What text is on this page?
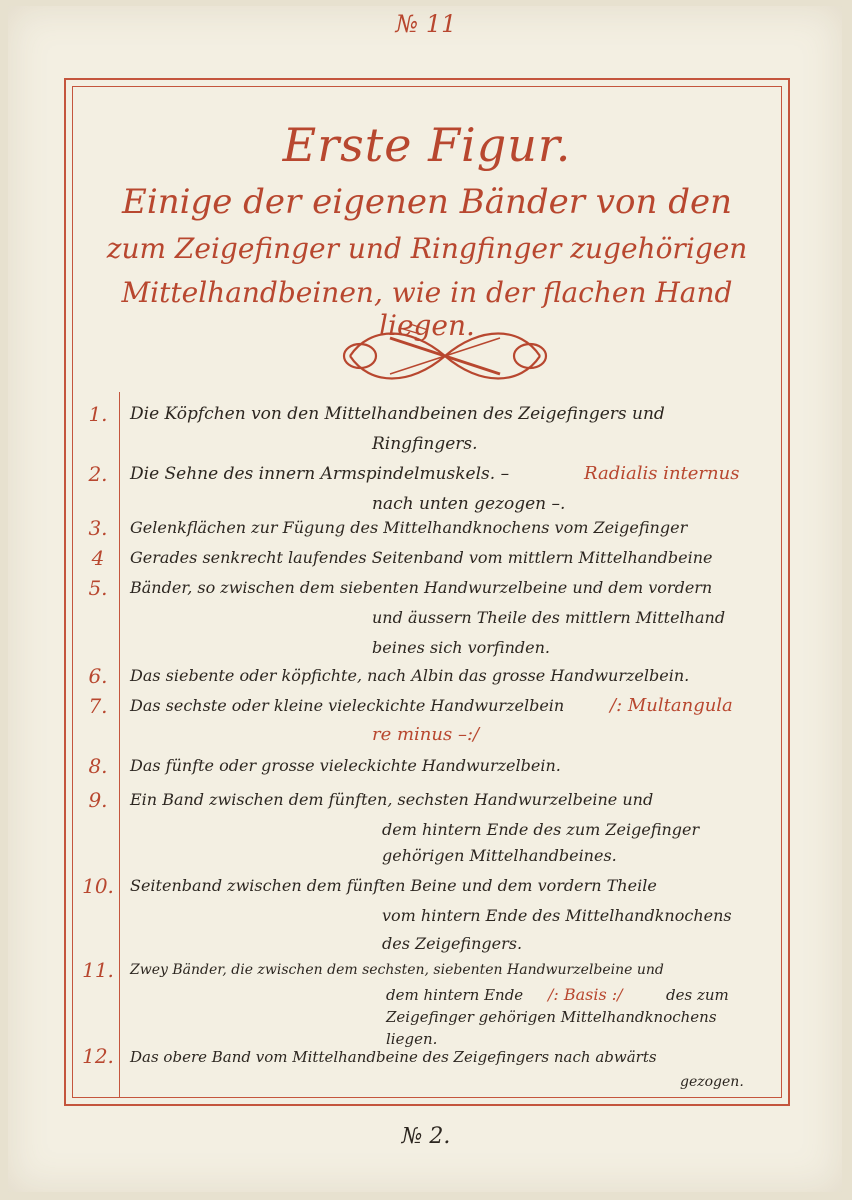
№ 11
Erste Figur.
Einige der eigenen Bänder von den
zum Zeigefinger und Ringfinger zugehörigen
Mittelhandbeinen, wie in der flachen Hand liegen.
1.	Die Köpfchen von den Mittelhandbeinen des Zeigefingers und
Ringfingers.
2.	Die Sehne des innern Armspindelmuskels. –	Radialis internus
nach unten gezogen –.
3.	Gelenkflächen zur Fügung des Mittelhandknochens vom Zeigefinger
4	Gerades senkrecht laufendes Seitenband vom mittlern Mittelhandbeine
5.	Bänder, so zwischen dem siebenten Handwurzelbeine und dem vordern
und äussern Theile des mittlern Mittelhand
beines sich vorfinden.
6.	Das siebente oder köpfichte, nach Albin das grosse Handwurzelbein.
7.	Das sechste oder kleine vieleckichte Handwurzelbein	/: Multangula
re minus –:/
8.	Das fünfte oder grosse vieleckichte Handwurzelbein.
9.	Ein Band zwischen dem fünften, sechsten Handwurzelbeine und
dem hintern Ende des zum Zeigefinger
gehörigen Mittelhandbeines.
10. Seitenband zwischen dem fünften Beine und dem vordern Theile
vom hintern Ende des Mittelhandknochens
des Zeigefingers.
11. Zwey Bänder, die zwischen dem sechsten, siebenten Handwurzelbeine und
dem hintern Ende /: Basis :/	des zum
Zeigefinger gehörigen Mittelhandknochens
liegen.
12. Das obere Band vom Mittelhandbeine des Zeigefingers nach abwärts
gezogen.
№ 2.
